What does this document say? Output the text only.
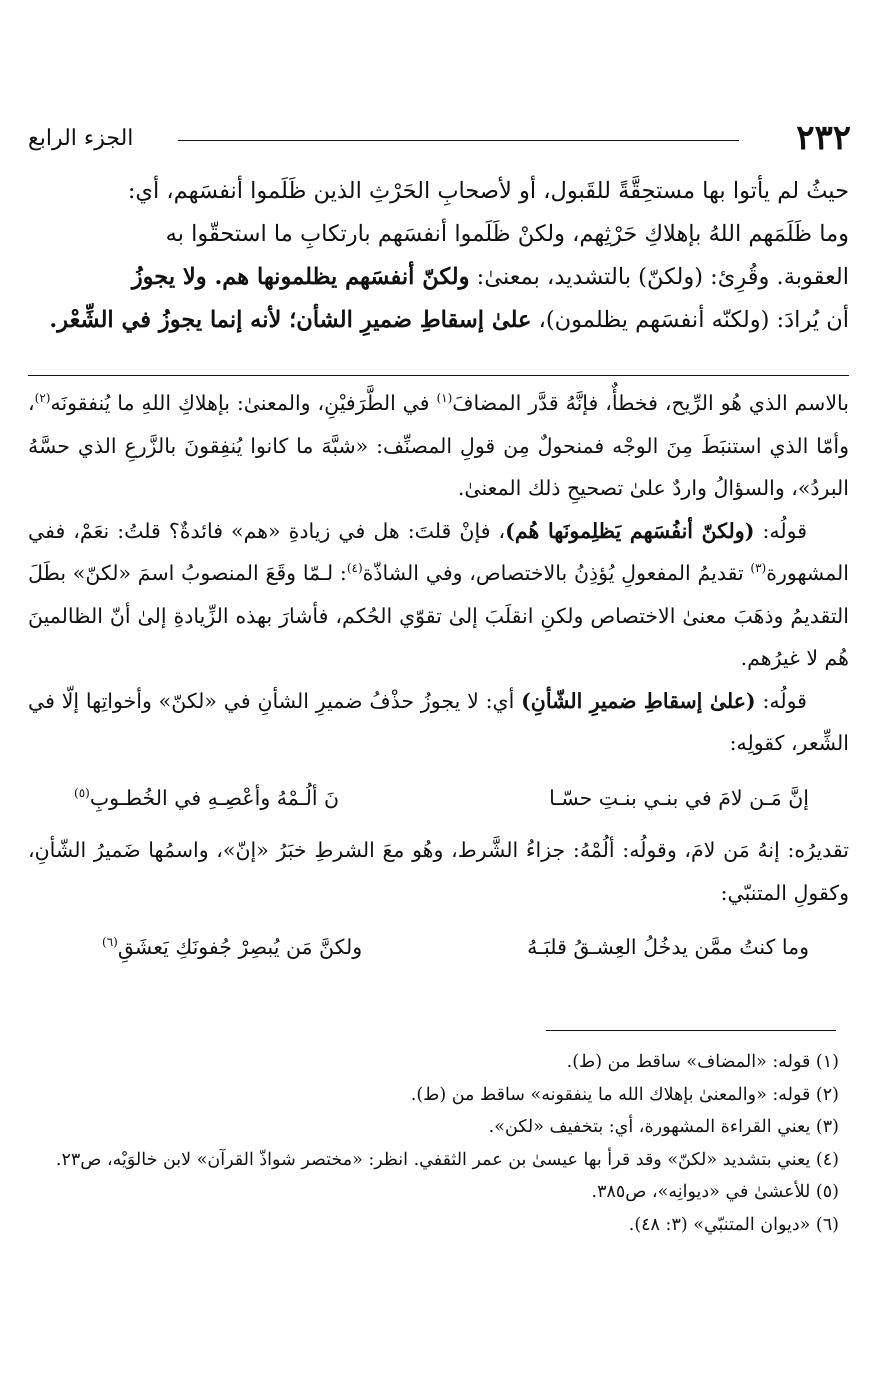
٢٣٢
الجزء الرابع

حيثُ لم يأتوا بها مستحِقَّةً للقَبول، أو لأصحابِ الحَرْثِ الذين ظَلَموا أنفسَهم، أي:

وما ظَلَمَهم اللهُ بإهلاكِ حَرْثِهم، ولكنْ ظَلَموا أنفسَهم بارتكابِ ما استحقّوا به

العقوبة. وقُرِئ: (ولكنّ) بالتشديد، بمعنىٰ: ولكنّ أنفسَهم يظلمونها هم. ولا يجوزُ

أن يُرادَ: (ولكنّه أنفسَهم يظلمون)، علىٰ إسقاطِ ضميرِ الشأن؛ لأنه إنما يجوزُ في الشِّعْر.

بالاسم الذي هُو الرِّيح، فخطأٌ، فإنَّهُ قدَّر المضافَ$^{(١)}$ في الطَّرَفيْنِ، والمعنىٰ: بإهلاكِ اللهِ ما يُنفقونَه$^{(٢)}$، وأمّا الذي استنبَطَ مِنَ الوجْه فمنحولٌ مِن قولِ المصنِّف: «شبَّهَ ما كانوا يُنفِقونَ بالزَّرعِ الذي حسَّهُ البردُ»، والسؤالُ واردٌ علىٰ تصحيحِ ذلك المعنىٰ.

قولُه: (ولكنّ أنفُسَهم يَظلِمونَها هُم)، فإنْ قلتَ: هل في زيادةِ «هم» فائدةٌ؟ قلتُ: نعَمْ، ففي المشهورة$^{(٣)}$ تقديمُ المفعولِ يُؤذِنُ بالاختصاص، وفي الشاذّة$^{(٤)}$: لـمّا وقَعَ المنصوبُ اسمَ «لكنّ» بطَلَ التقديمُ وذهَبَ معنىٰ الاختصاص ولكنِ انقلَبَ إلىٰ تقوّي الحُكم، فأشارَ بهذه الزِّيادةِ إلىٰ أنّ الظالمينَ هُم لا غيرُهم.

قولُه: (علىٰ إسقاطِ ضميرِ الشّأنِ) أي: لا يجوزُ حذْفُ ضميرِ الشأنِ في «لكنّ» وأخواتِها إلّا في الشِّعر، كقولِه:

إنَّ مَـن لامَ في بنـي بنـتِ حسّـا
نَ ألُـمْهُ وأعْصِـهِ في الخُطـوبِ$^{(٥)}$

تقديرُه: إنهُ مَن لامَ، وقولُه: ألُمْهُ: جزاءُ الشَّرط، وهُو معَ الشرطِ خبَرُ «إنّ»، واسمُها ضَميرُ الشّأنِ، وكقولِ المتنبّي:

وما كنتُ ممَّن يدخُلُ العِشـقُ قلبَـهُ
ولكنَّ مَن يُبصِرْ جُفونَكِ يَعشَقِ$^{(٦)}$
(١) قوله: «المضاف» ساقط من (ط).
(٢) قوله: «والمعنىٰ بإهلاك الله ما ينفقونه» ساقط من (ط).
(٣) يعني القراءة المشهورة، أي: بتخفيف «لكن».
(٤) يعني بتشديد «لكنّ» وقد قرأ بها عيسىٰ بن عمر الثقفي. انظر: «مختصر شواذّ القرآن» لابن خالوَيْه، ص٢٣.
(٥) للأعشىٰ في «ديوانِه»، ص٣٨٥.
(٦) «ديوان المتنبّي» (٣: ٤٨).
